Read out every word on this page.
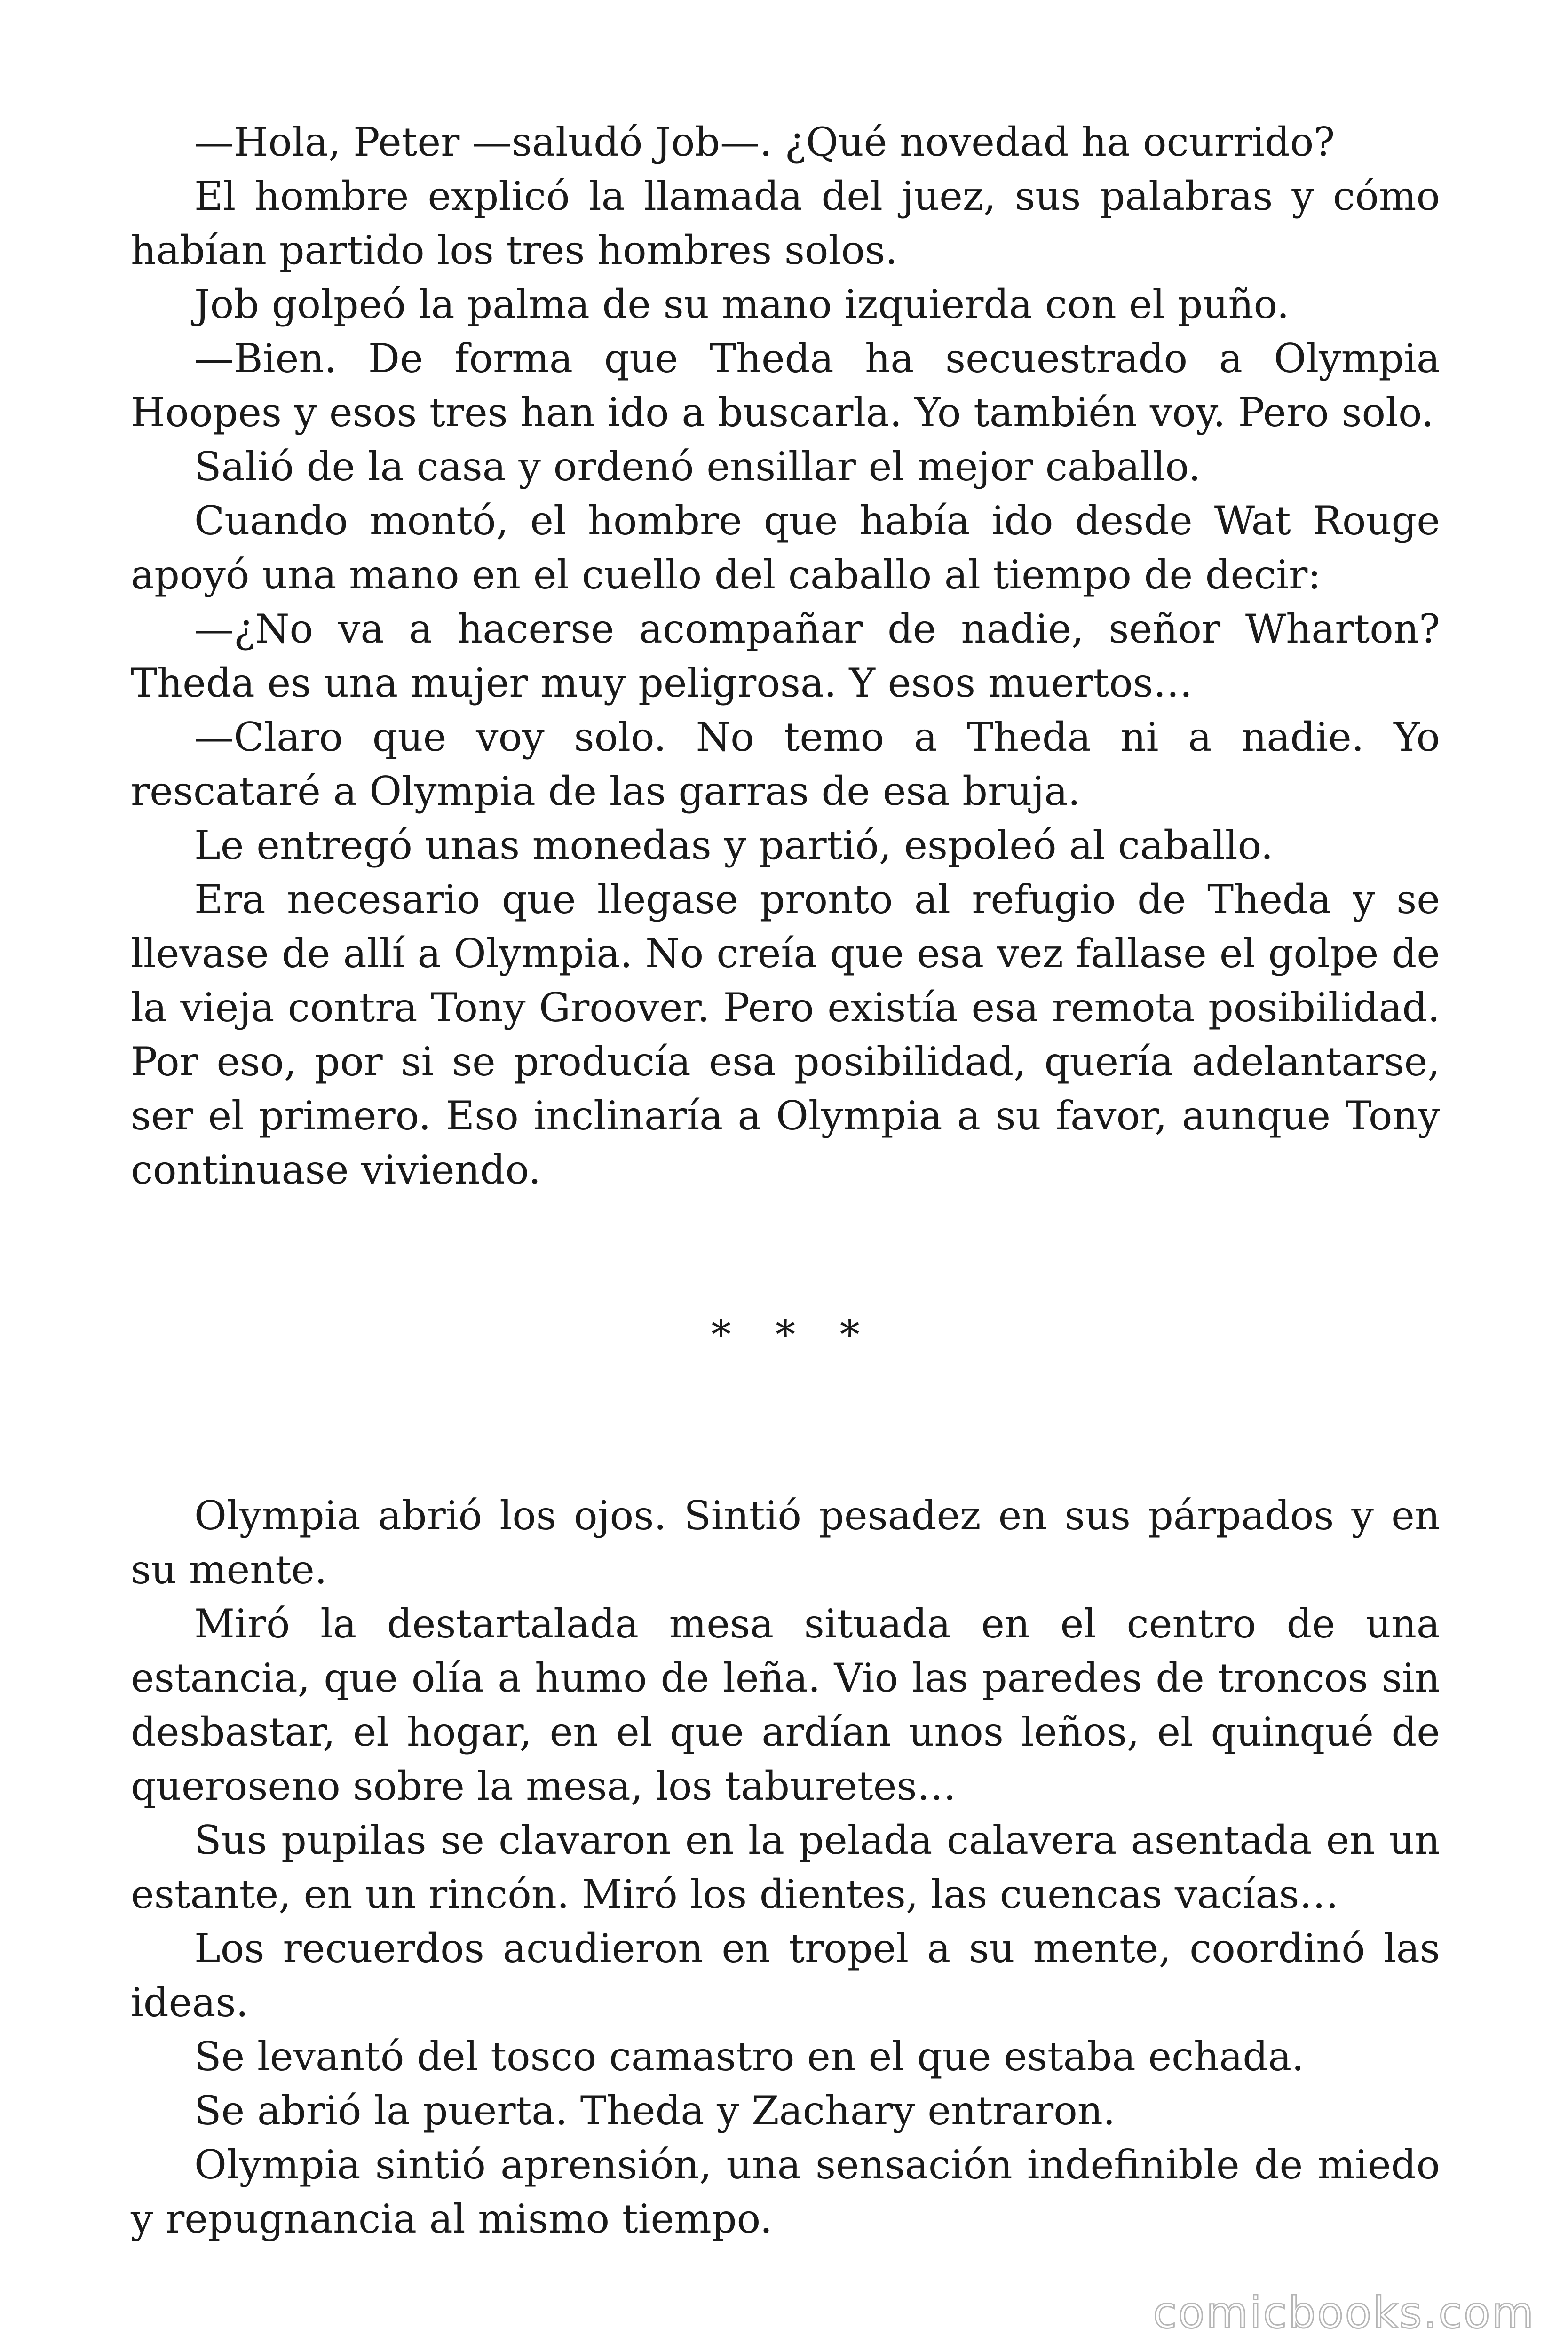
—Hola, Peter —saludó Job—. ¿Qué novedad ha ocurrido?

El hombre explicó la llamada del juez, sus palabras y cómo habían partido los tres hombres solos.

Job golpeó la palma de su mano izquierda con el puño.

—Bien. De forma que Theda ha secuestrado a Olympia Hoopes y esos tres han ido a buscarla. Yo también voy. Pero solo.

Salió de la casa y ordenó ensillar el mejor caballo.

Cuando montó, el hombre que había ido desde Wat Rouge apoyó una mano en el cuello del caballo al tiempo de decir:

—¿No va a hacerse acompañar de nadie, señor Wharton? Theda es una mujer muy peligrosa. Y esos muertos…

—Claro que voy solo. No temo a Theda ni a nadie. Yo rescataré a Olympia de las garras de esa bruja.

Le entregó unas monedas y partió, espoleó al caballo.

Era necesario que llegase pronto al refugio de Theda y se llevase de allí a Olympia. No creía que esa vez fallase el golpe de la vieja contra Tony Groover. Pero existía esa remota posibilidad. Por eso, por si se producía esa posibilidad, quería adelantarse, ser el primero. Eso inclinaría a Olympia a su favor, aunque Tony continuase viviendo.

* * *

Olympia abrió los ojos. Sintió pesadez en sus párpados y en su mente.

Miró la destartalada mesa situada en el centro de una estancia, que olía a humo de leña. Vio las paredes de troncos sin desbastar, el hogar, en el que ardían unos leños, el quinqué de queroseno sobre la mesa, los taburetes…

Sus pupilas se clavaron en la pelada calavera asentada en un estante, en un rincón. Miró los dientes, las cuencas vacías…

Los recuerdos acudieron en tropel a su mente, coordinó las ideas.

Se levantó del tosco camastro en el que estaba echada.

Se abrió la puerta. Theda y Zachary entraron.

Olympia sintió aprensión, una sensación indefinible de miedo y repugnancia al mismo tiempo.

comicbooks.com
